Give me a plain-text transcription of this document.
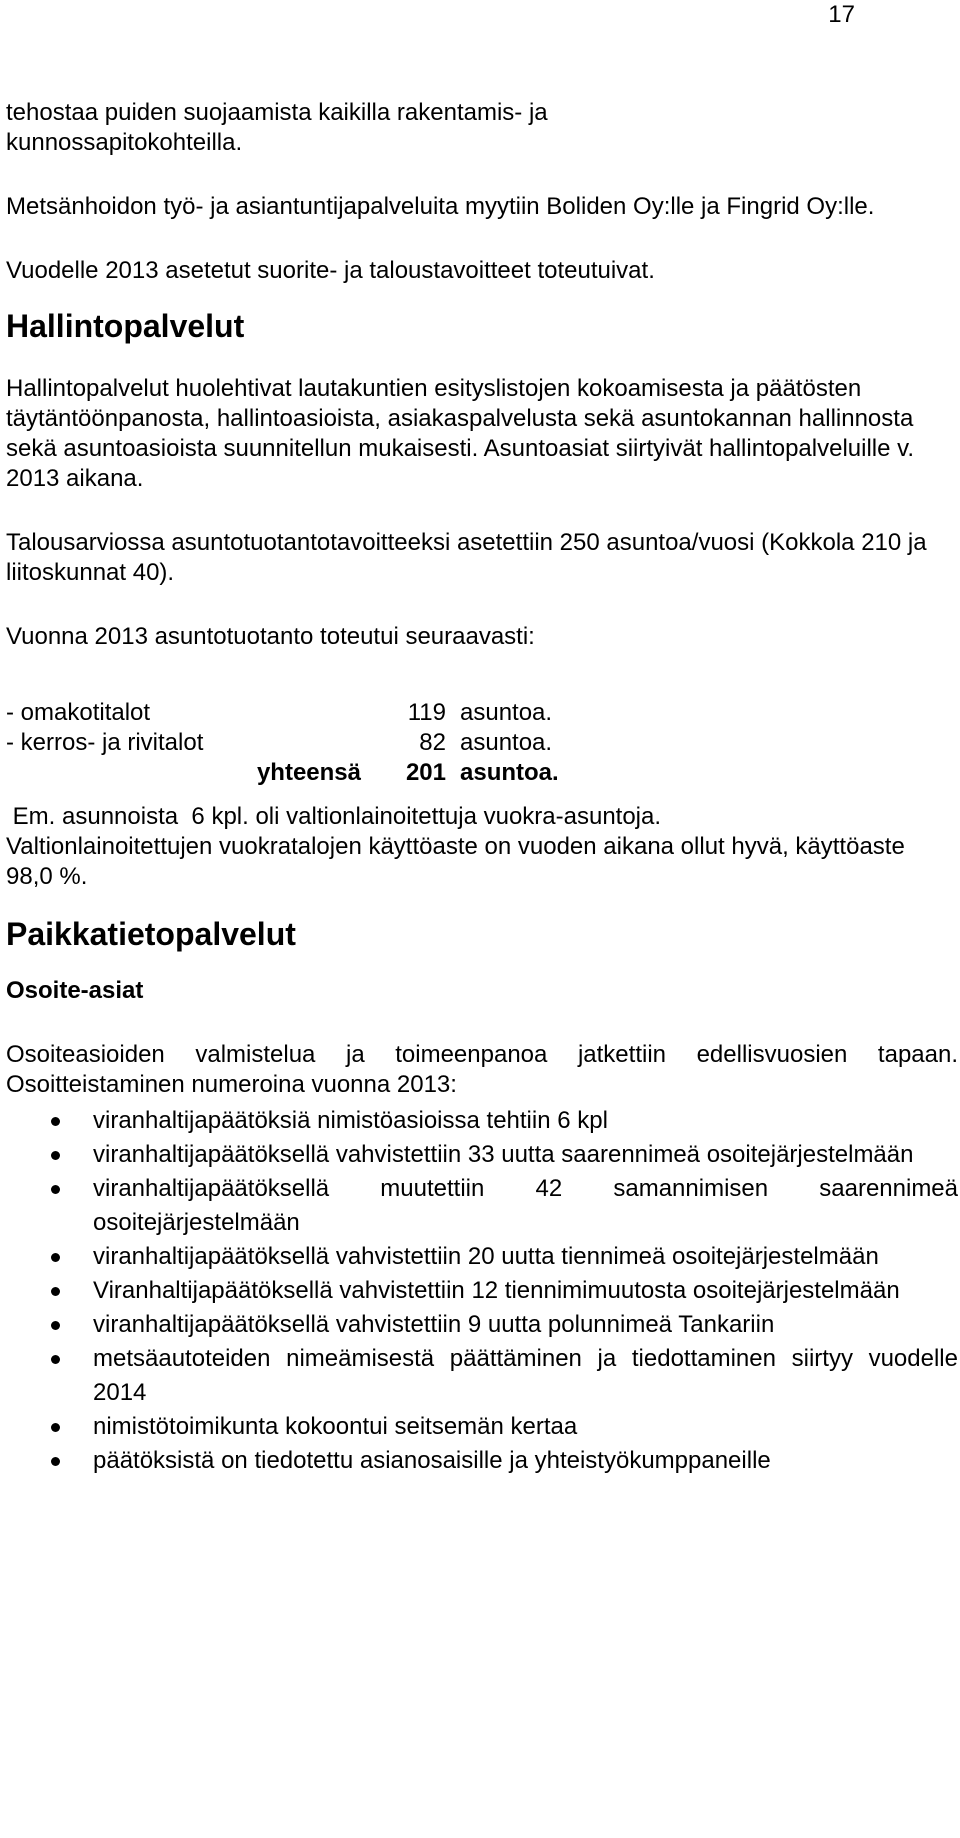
17

tehostaa puiden suojaamista kaikilla rakentamis- ja kunnossapitokohteilla.

Metsänhoidon työ- ja asiantuntijapalveluita myytiin Boliden Oy:lle ja Fingrid Oy:lle.

Vuodelle 2013 asetetut suorite- ja taloustavoitteet toteutuivat.

Hallintopalvelut

Hallintopalvelut huolehtivat lautakuntien esityslistojen kokoamisesta ja päätösten täytäntöönpanosta, hallintoasioista, asiakaspalvelusta sekä asuntokannan hallinnosta sekä asuntoasioista suunnitellun mukaisesti. Asuntoasiat siirtyivät hallintopalveluille v. 2013 aikana.

Talousarviossa asuntotuotantotavoitteeksi asetettiin 250 asuntoa/vuosi (Kokkola 210 ja liitoskunnat 40).

Vuonna 2013 asuntotuotanto toteutui seuraavasti:

- omakotitalot	119 asuntoa.
- kerros- ja rivitalot	82 asuntoa.
yhteensä	201 asuntoa.

Em. asunnoista  6 kpl. oli valtionlainoitettuja vuokra-asuntoja.

Valtionlainoitettujen vuokratalojen käyttöaste on vuoden aikana ollut hyvä, käyttöaste 98,0 %.

Paikkatietopalvelut
Osoite-asiat

Osoiteasioiden valmistelua ja toimeenpanoa jatkettiin edellisvuosien tapaan. Osoitteistaminen numeroina vuonna 2013:

viranhaltijapäätöksiä nimistöasioissa tehtiin 6 kpl
viranhaltijapäätöksellä vahvistettiin 33 uutta saarennimeä osoitejärjestelmään
viranhaltijapäätöksellä muutettiin 42 samannimisen saarennimeä osoitejärjestelmään
viranhaltijapäätöksellä vahvistettiin 20 uutta tiennimeä osoitejärjestelmään
Viranhaltijapäätöksellä vahvistettiin 12 tiennimimuutosta osoitejärjestelmään
viranhaltijapäätöksellä vahvistettiin 9 uutta polunnimeä Tankariin
metsäautoteiden nimeämisestä päättäminen ja tiedottaminen siirtyy vuodelle 2014
nimistötoimikunta kokoontui seitsemän kertaa
päätöksistä on tiedotettu asianosaisille ja yhteistyökumppaneille
